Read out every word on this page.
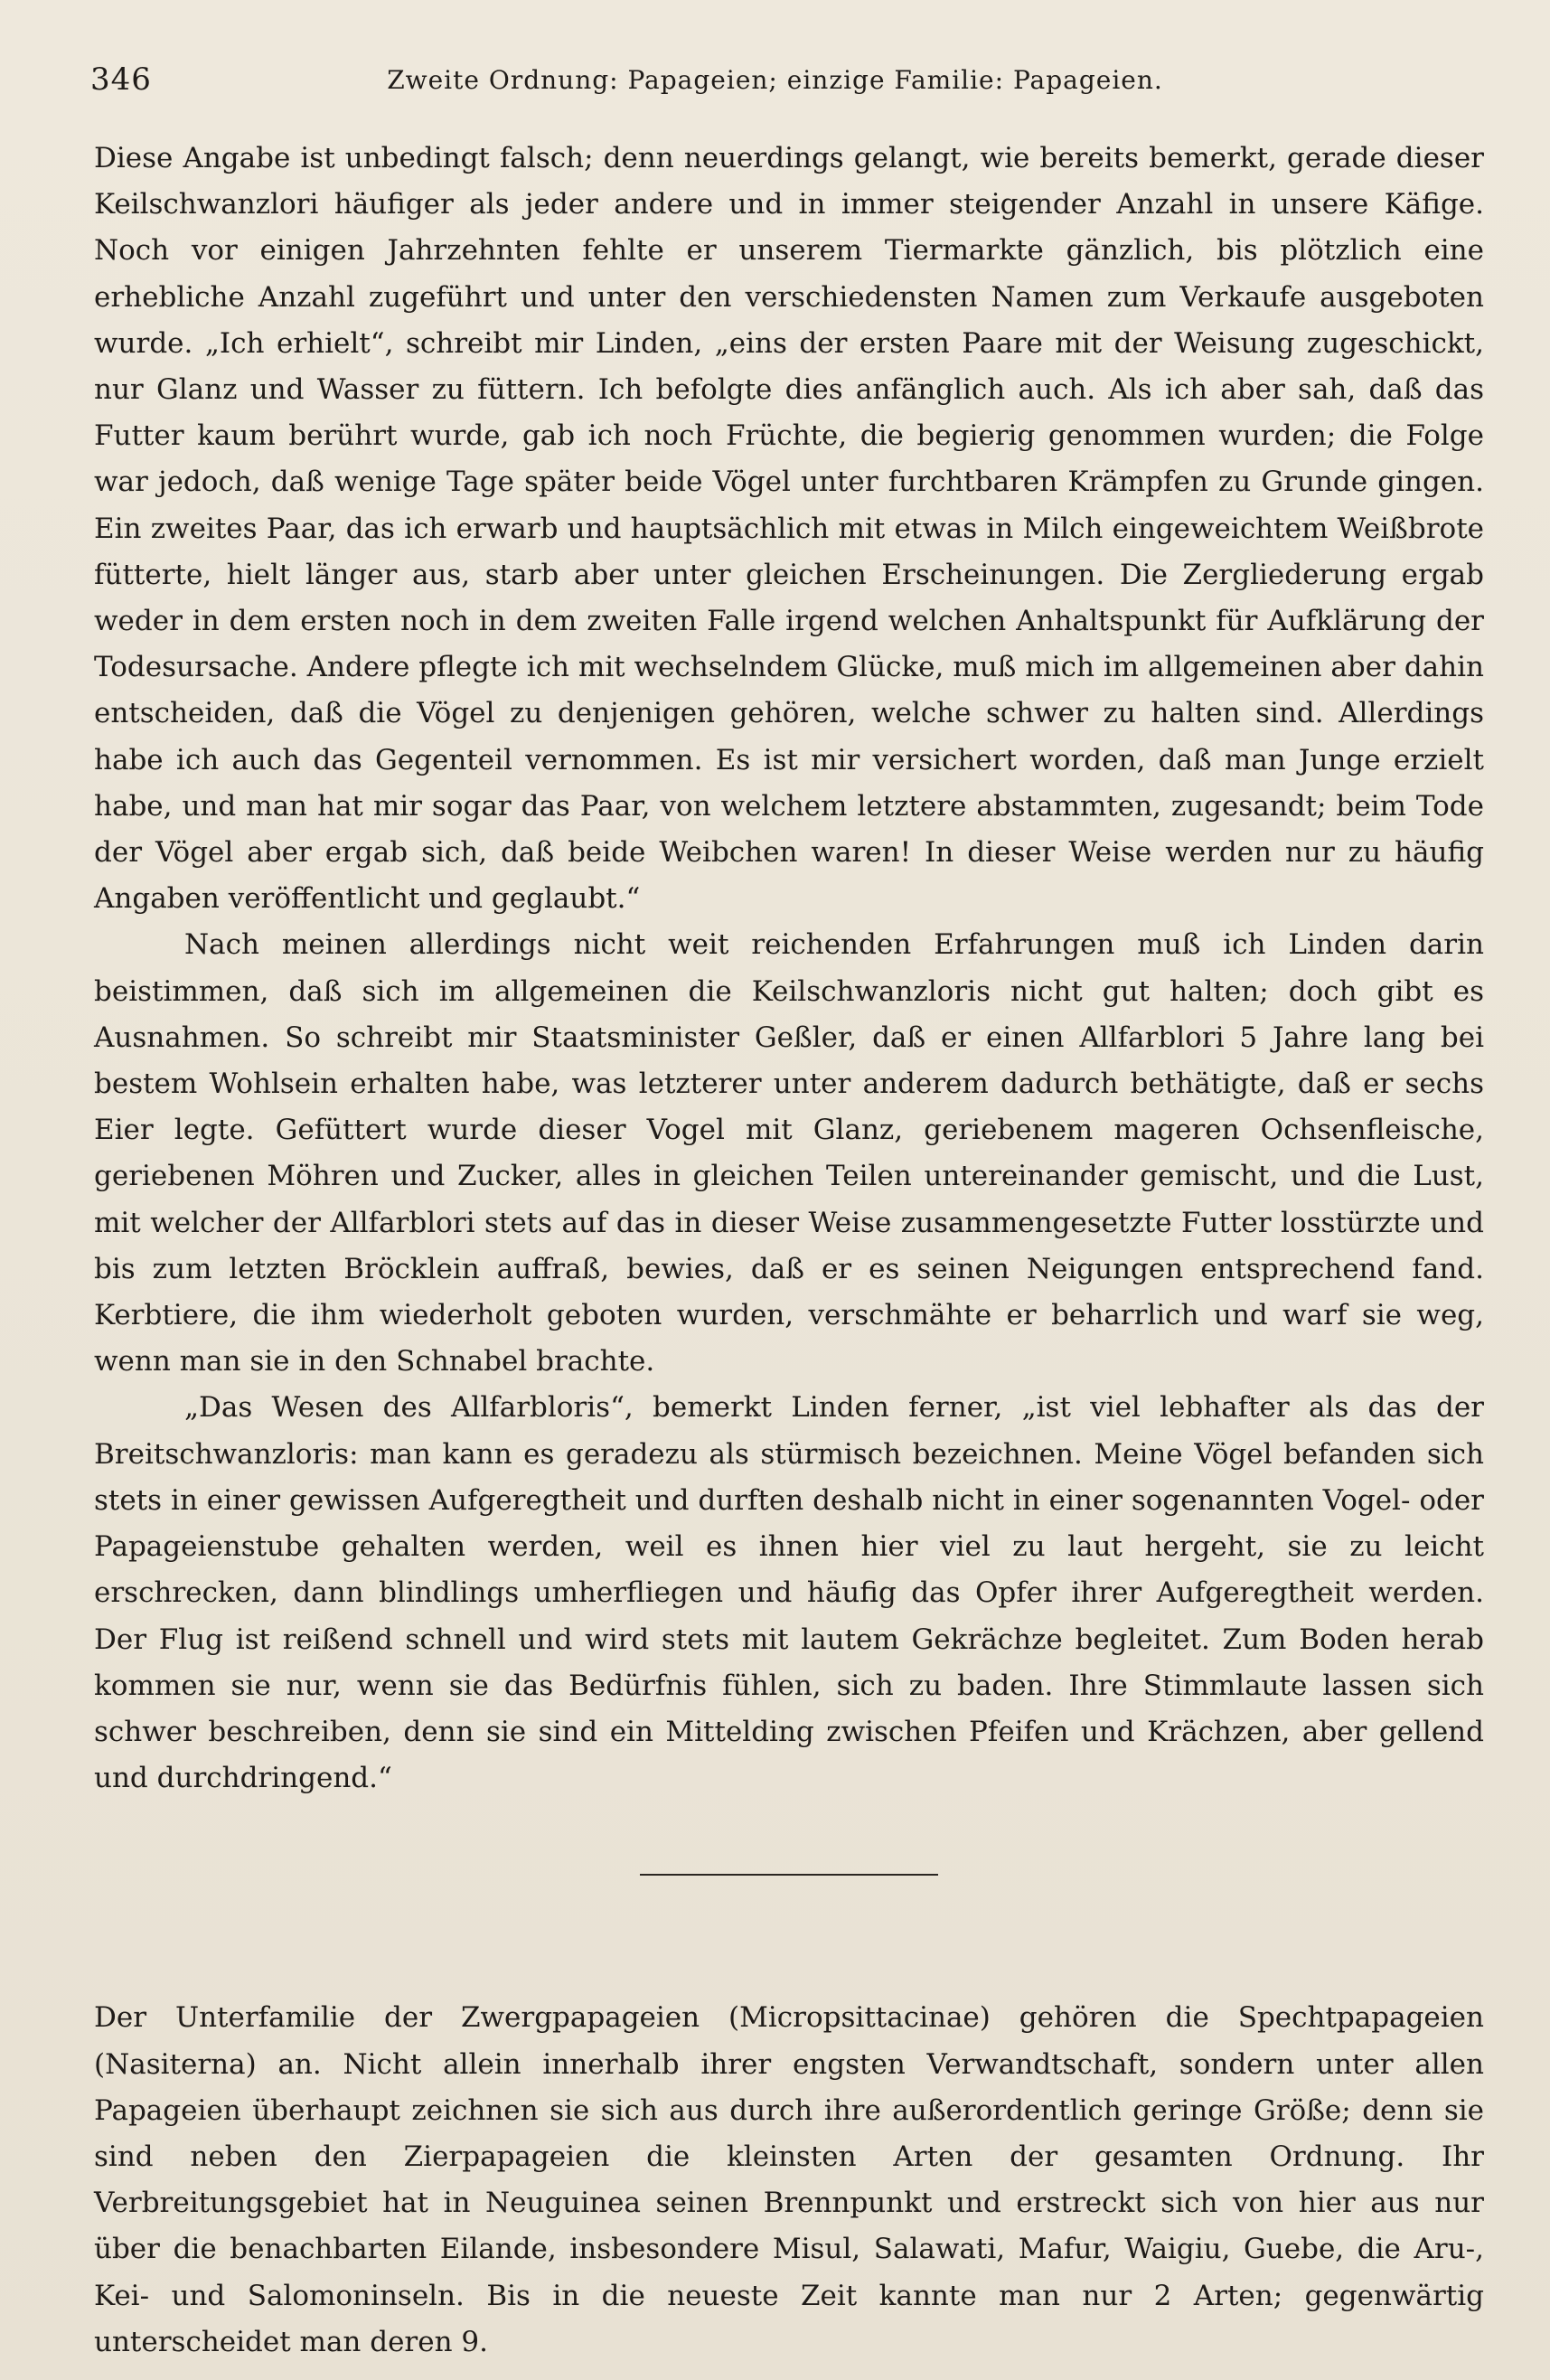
346	Zweite Ordnung: Papageien; einzige Familie: Papageien.

Diese Angabe ist unbedingt falsch; denn neuerdings gelangt, wie bereits bemerkt, gerade dieser Keilschwanzlori häufiger als jeder andere und in immer steigender Anzahl in unsere Käfige. Noch vor einigen Jahrzehnten fehlte er unserem Tiermarkte gänzlich, bis plötzlich eine erhebliche Anzahl zugeführt und unter den verschiedensten Namen zum Verkaufe ausgeboten wurde. „Ich erhielt“, schreibt mir Linden, „eins der ersten Paare mit der Weisung zugeschickt, nur Glanz und Wasser zu füttern. Ich befolgte dies anfänglich auch. Als ich aber sah, daß das Futter kaum berührt wurde, gab ich noch Früchte, die begierig genommen wurden; die Folge war jedoch, daß wenige Tage später beide Vögel unter furchtbaren Krämpfen zu Grunde gingen. Ein zweites Paar, das ich erwarb und hauptsächlich mit etwas in Milch eingeweichtem Weißbrote fütterte, hielt länger aus, starb aber unter gleichen Erscheinungen. Die Zergliederung ergab weder in dem ersten noch in dem zweiten Falle irgend welchen Anhaltspunkt für Aufklärung der Todesursache. Andere pflegte ich mit wechselndem Glücke, muß mich im allgemeinen aber dahin entscheiden, daß die Vögel zu denjenigen gehören, welche schwer zu halten sind. Allerdings habe ich auch das Gegenteil vernommen. Es ist mir versichert worden, daß man Junge erzielt habe, und man hat mir sogar das Paar, von welchem letztere abstammten, zugesandt; beim Tode der Vögel aber ergab sich, daß beide Weibchen waren! In dieser Weise werden nur zu häufig Angaben veröffentlicht und geglaubt.“

Nach meinen allerdings nicht weit reichenden Erfahrungen muß ich Linden darin beistimmen, daß sich im allgemeinen die Keilschwanzloris nicht gut halten; doch gibt es Ausnahmen. So schreibt mir Staatsminister Geßler, daß er einen Allfarblori 5 Jahre lang bei bestem Wohlsein erhalten habe, was letzterer unter anderem dadurch bethätigte, daß er sechs Eier legte. Gefüttert wurde dieser Vogel mit Glanz, geriebenem mageren Ochsenfleische, geriebenen Möhren und Zucker, alles in gleichen Teilen untereinander gemischt, und die Lust, mit welcher der Allfarblori stets auf das in dieser Weise zusammengesetzte Futter losstürzte und bis zum letzten Bröcklein auffraß, bewies, daß er es seinen Neigungen entsprechend fand. Kerbtiere, die ihm wiederholt geboten wurden, verschmähte er beharrlich und warf sie weg, wenn man sie in den Schnabel brachte.

„Das Wesen des Allfarbloris“, bemerkt Linden ferner, „ist viel lebhafter als das der Breitschwanzloris: man kann es geradezu als stürmisch bezeichnen. Meine Vögel befanden sich stets in einer gewissen Aufgeregtheit und durften deshalb nicht in einer sogenannten Vogel- oder Papageienstube gehalten werden, weil es ihnen hier viel zu laut hergeht, sie zu leicht erschrecken, dann blindlings umherfliegen und häufig das Opfer ihrer Aufgeregtheit werden. Der Flug ist reißend schnell und wird stets mit lautem Gekrächze begleitet. Zum Boden herab kommen sie nur, wenn sie das Bedürfnis fühlen, sich zu baden. Ihre Stimmlaute lassen sich schwer beschreiben, denn sie sind ein Mittelding zwischen Pfeifen und Krächzen, aber gellend und durchdringend.“

Der Unterfamilie der Zwergpapageien (Micropsittacinae) gehören die Spechtpapageien (Nasiterna) an. Nicht allein innerhalb ihrer engsten Verwandtschaft, sondern unter allen Papageien überhaupt zeichnen sie sich aus durch ihre außerordentlich geringe Größe; denn sie sind neben den Zierpapageien die kleinsten Arten der gesamten Ordnung. Ihr Verbreitungsgebiet hat in Neuguinea seinen Brennpunkt und erstreckt sich von hier aus nur über die benachbarten Eilande, insbesondere Misul, Salawati, Mafur, Waigiu, Guebe, die Aru-, Kei- und Salomoninseln. Bis in die neueste Zeit kannte man nur 2 Arten; gegenwärtig unterscheidet man deren 9.
